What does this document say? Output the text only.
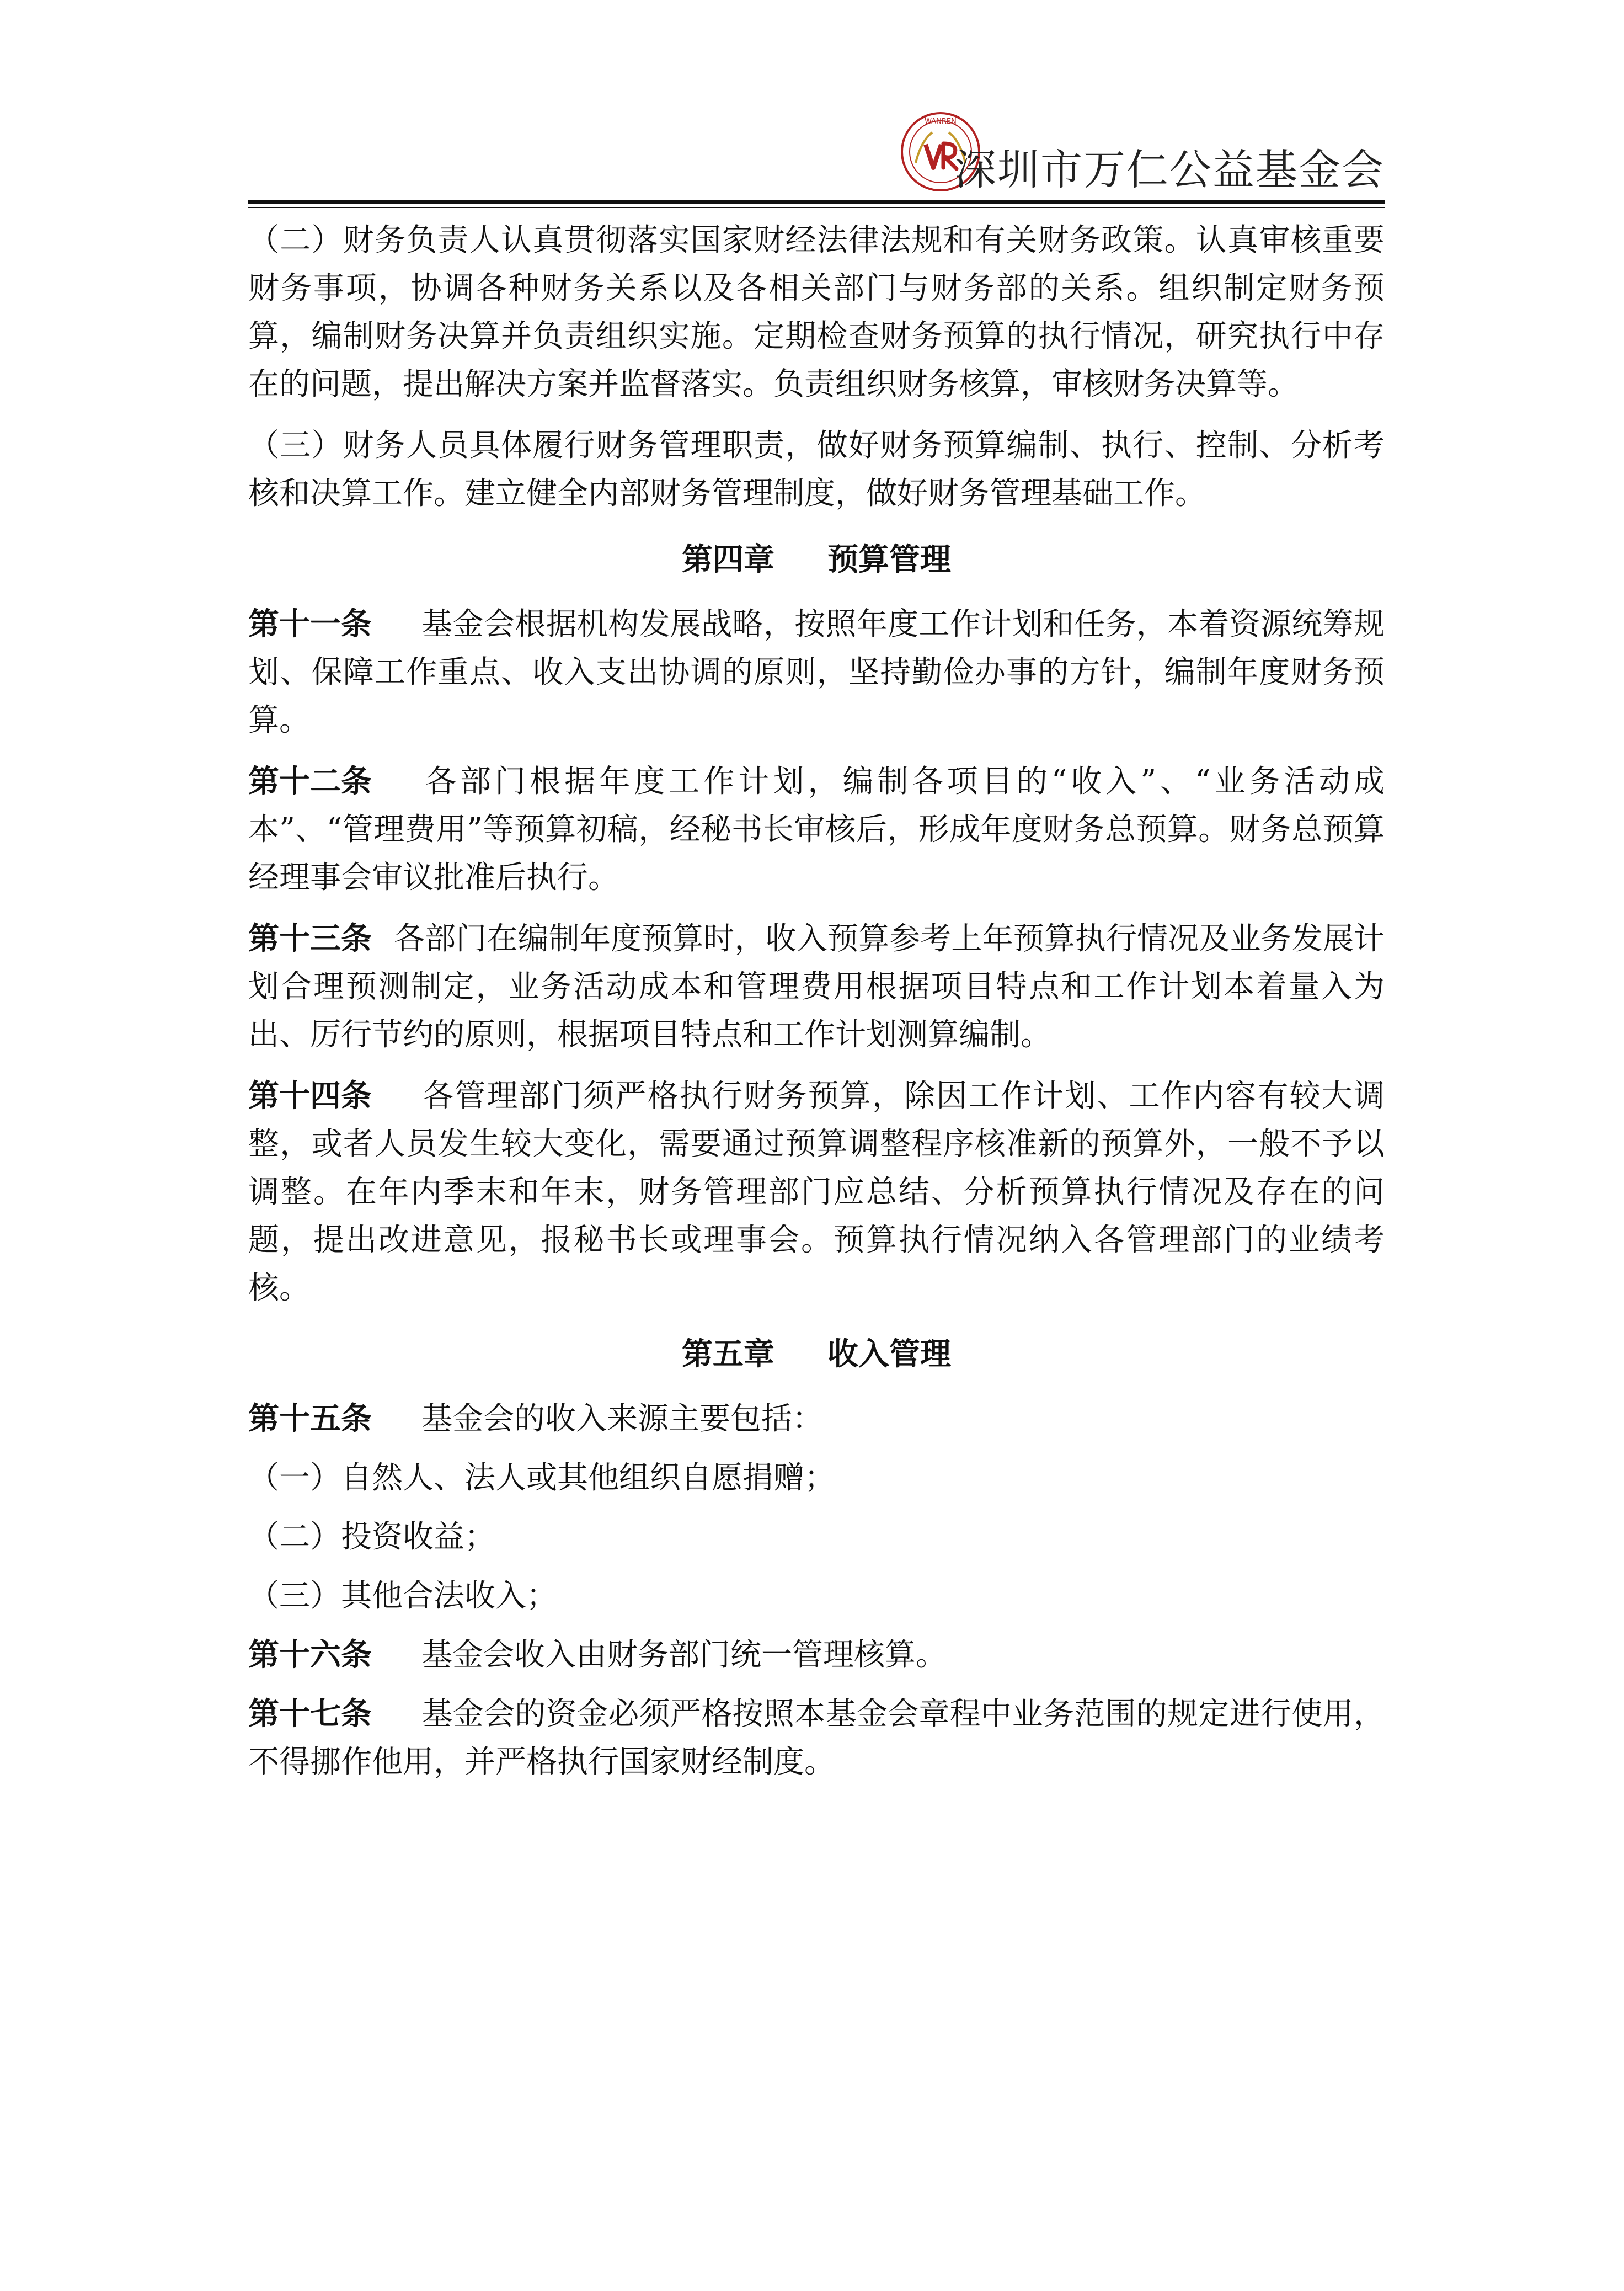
WANREN
深圳市万仁公益基金会

（二）财务负责人认真贯彻落实国家财经法律法规和有关财务政策。认真审核重要财务事项，协调各种财务关系以及各相关部门与财务部的关系。组织制定财务预算，编制财务决算并负责组织实施。定期检查财务预算的执行情况，研究执行中存在的问题，提出解决方案并监督落实。负责组织财务核算，审核财务决算等。

（三）财务人员具体履行财务管理职责，做好财务预算编制、执行、控制、分析考核和决算工作。建立健全内部财务管理制度，做好财务管理基础工作。

第四章 预算管理

第十一条 基金会根据机构发展战略，按照年度工作计划和任务，本着资源统筹规划、保障工作重点、收入支出协调的原则，坚持勤俭办事的方针，编制年度财务预算。

第十二条 各部门根据年度工作计划，编制各项目的“收入”、“业务活动成本”、“管理费用”等预算初稿，经秘书长审核后，形成年度财务总预算。财务总预算经理事会审议批准后执行。

第十三条 各部门在编制年度预算时，收入预算参考上年预算执行情况及业务发展计划合理预测制定，业务活动成本和管理费用根据项目特点和工作计划本着量入为出、厉行节约的原则，根据项目特点和工作计划测算编制。

第十四条 各管理部门须严格执行财务预算，除因工作计划、工作内容有较大调整，或者人员发生较大变化，需要通过预算调整程序核准新的预算外，一般不予以调整。在年内季末和年末，财务管理部门应总结、分析预算执行情况及存在的问题，提出改进意见，报秘书长或理事会。预算执行情况纳入各管理部门的业绩考核。

第五章 收入管理

第十五条 基金会的收入来源主要包括：

（一）自然人、法人或其他组织自愿捐赠；

（二）投资收益；

（三）其他合法收入；

第十六条 基金会收入由财务部门统一管理核算。

第十七条 基金会的资金必须严格按照本基金会章程中业务范围的规定进行使用，不得挪作他用，并严格执行国家财经制度。
